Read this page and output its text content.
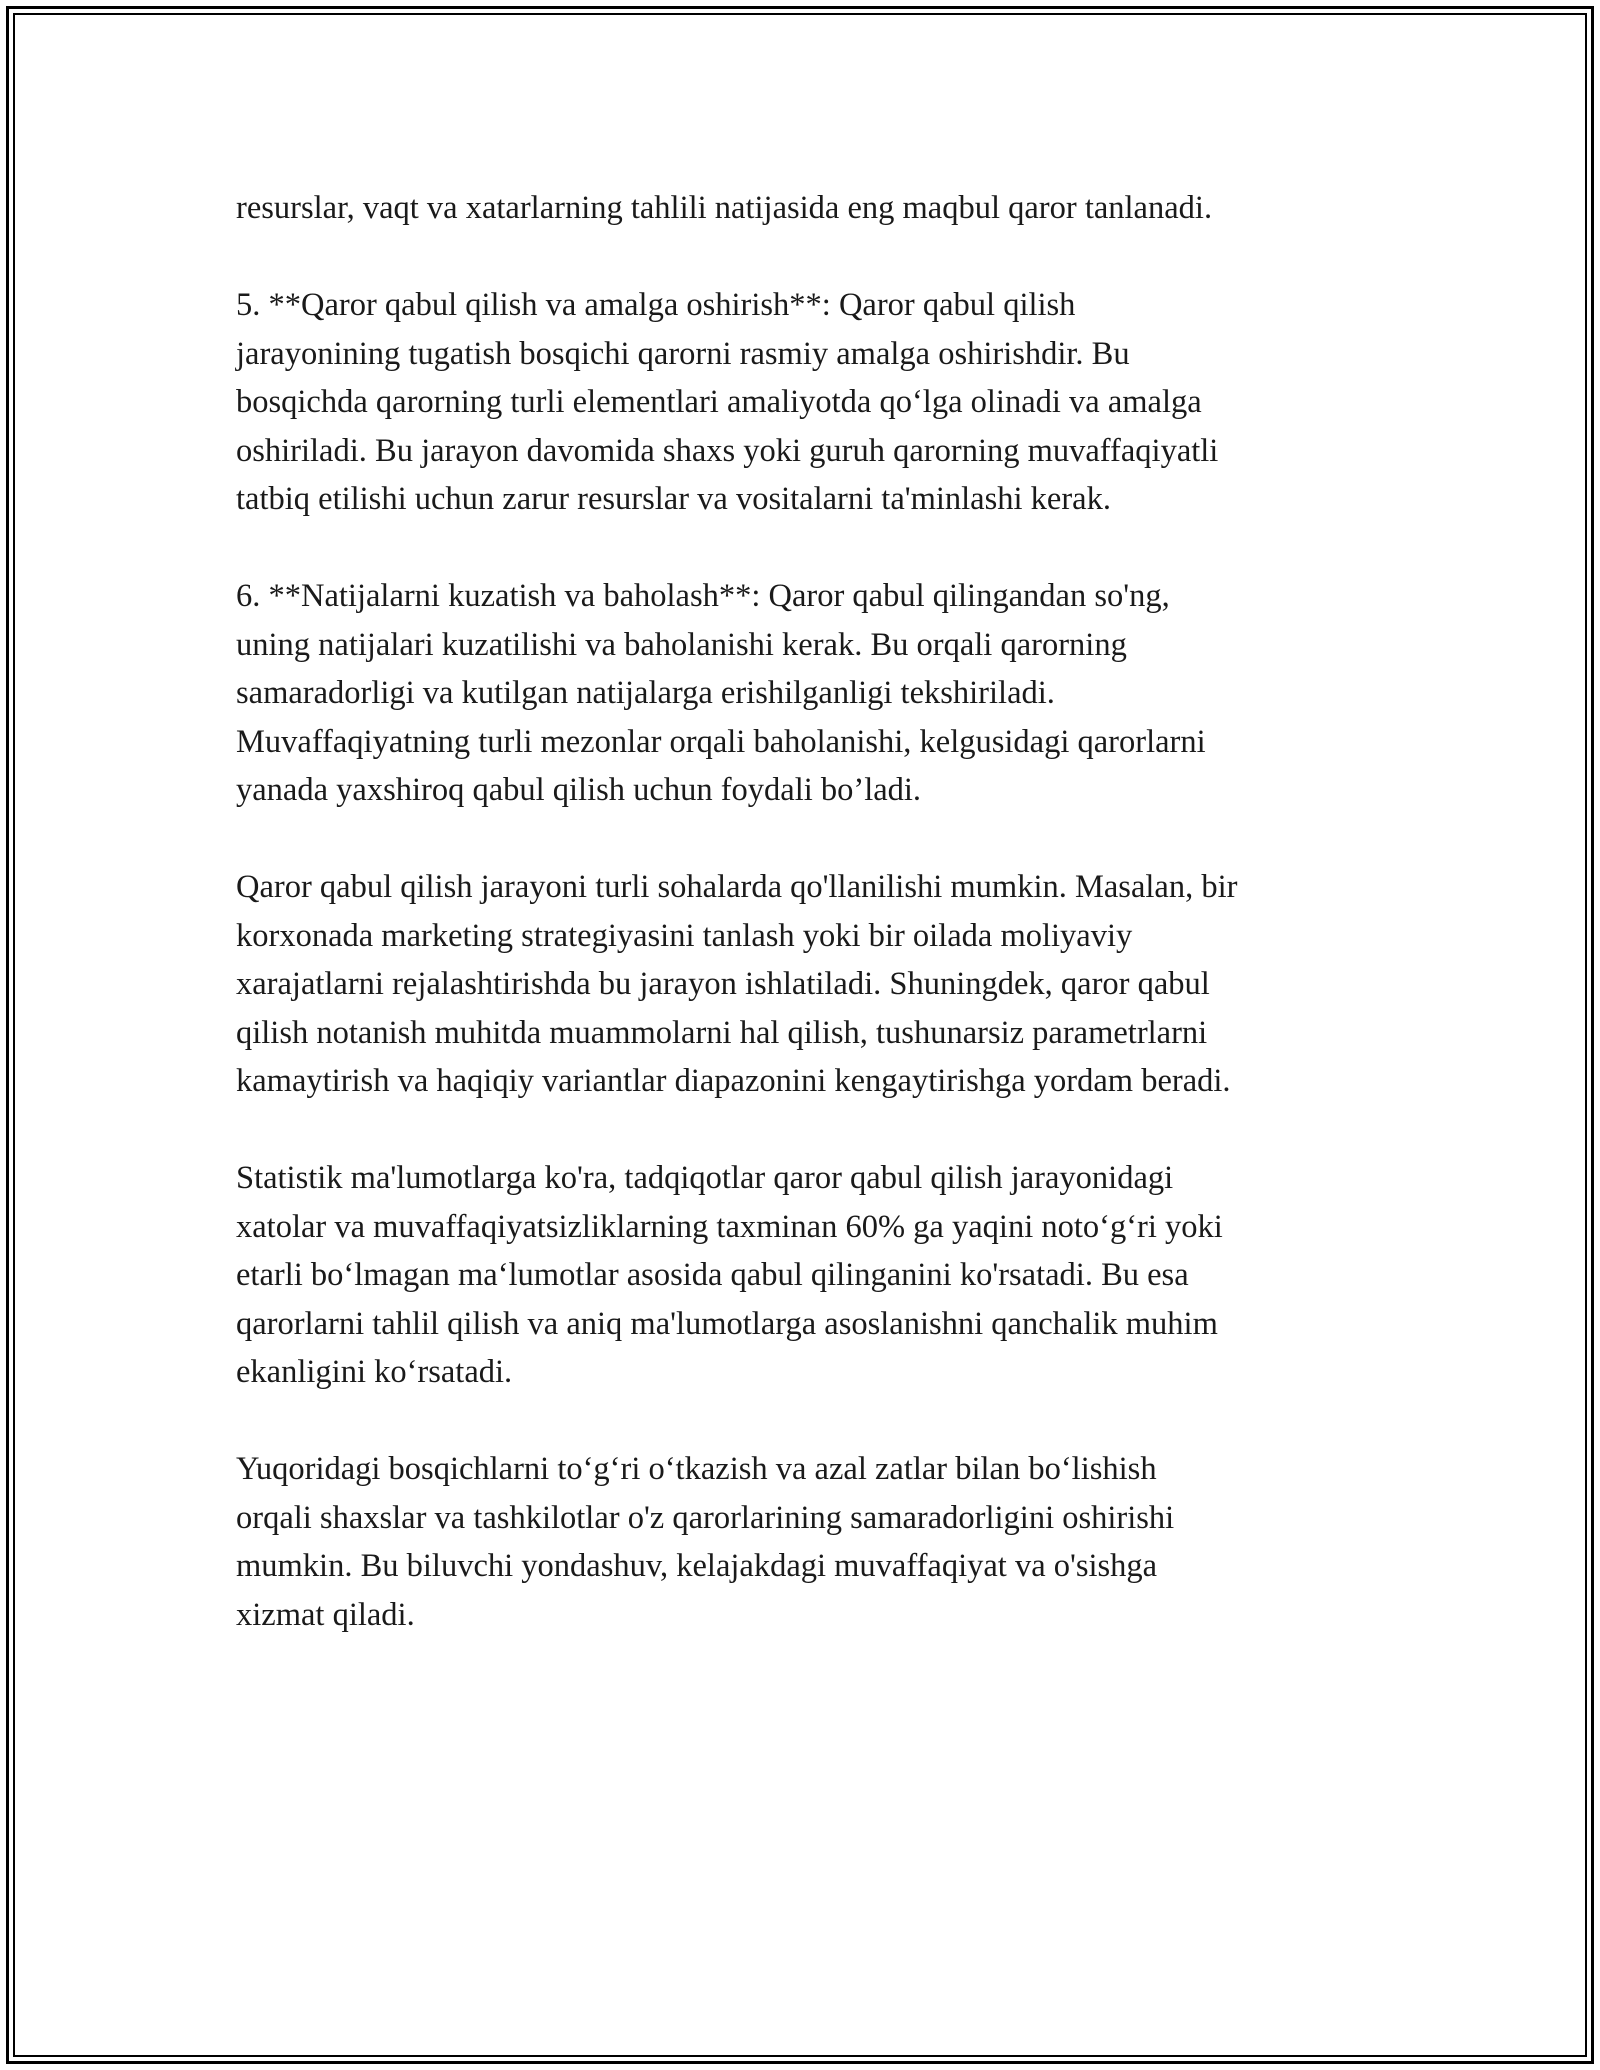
resurslar, vaqt va xatarlarning tahlili natijasida eng maqbul qaror tanlanadi.

5. **Qaror qabul qilish va amalga oshirish**: Qaror qabul qilish
jarayonining tugatish bosqichi qarorni rasmiy amalga oshirishdir. Bu
bosqichda qarorning turli elementlari amaliyotda qoʻlga olinadi va amalga
oshiriladi. Bu jarayon davomida shaxs yoki guruh qarorning muvaffaqiyatli
tatbiq etilishi uchun zarur resurslar va vositalarni ta'minlashi kerak.

6. **Natijalarni kuzatish va baholash**: Qaror qabul qilingandan so'ng,
uning natijalari kuzatilishi va baholanishi kerak. Bu orqali qarorning
samaradorligi va kutilgan natijalarga erishilganligi tekshiriladi.
Muvaffaqiyatning turli mezonlar orqali baholanishi, kelgusidagi qarorlarni
yanada yaxshiroq qabul qilish uchun foydali bo’ladi.

Qaror qabul qilish jarayoni turli sohalarda qo'llanilishi mumkin. Masalan, bir
korxonada marketing strategiyasini tanlash yoki bir oilada moliyaviy
xarajatlarni rejalashtirishda bu jarayon ishlatiladi. Shuningdek, qaror qabul
qilish notanish muhitda muammolarni hal qilish, tushunarsiz parametrlarni
kamaytirish va haqiqiy variantlar diapazonini kengaytirishga yordam beradi.

Statistik ma'lumotlarga ko'ra, tadqiqotlar qaror qabul qilish jarayonidagi
xatolar va muvaffaqiyatsizliklarning taxminan 60% ga yaqini notoʻgʻri yoki
etarli boʻlmagan maʻlumotlar asosida qabul qilinganini ko'rsatadi. Bu esa
qarorlarni tahlil qilish va aniq ma'lumotlarga asoslanishni qanchalik muhim
ekanligini koʻrsatadi.

Yuqoridagi bosqichlarni toʻgʻri oʻtkazish va azal zatlar bilan boʻlishish
orqali shaxslar va tashkilotlar o'z qarorlarining samaradorligini oshirishi
mumkin. Bu biluvchi yondashuv, kelajakdagi muvaffaqiyat va o'sishga
xizmat qiladi.
